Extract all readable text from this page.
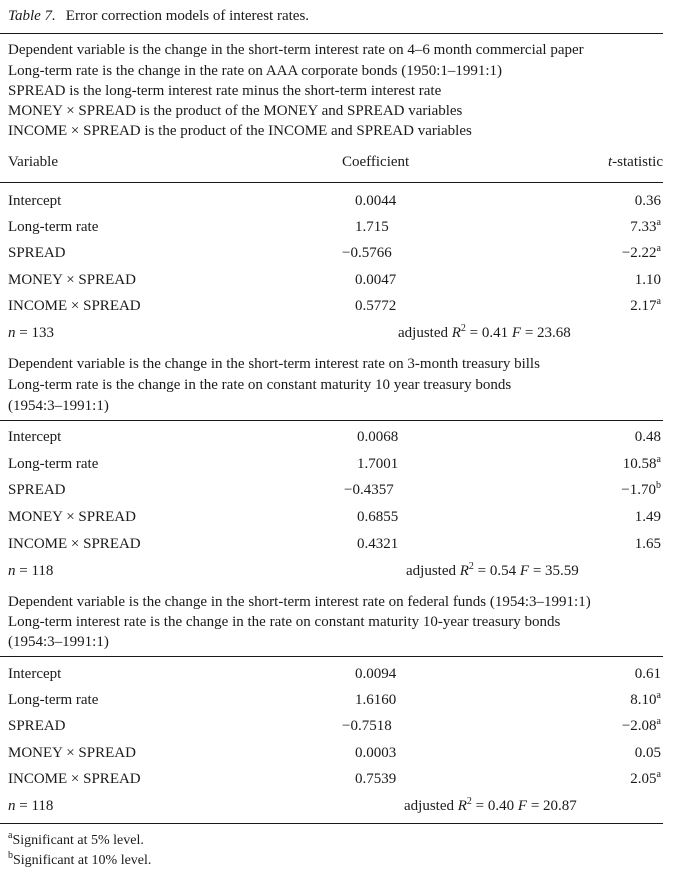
Table 7. Error correction models of interest rates.
Dependent variable is the change in the short-term interest rate on 4–6 month commercial paper
Long-term rate is the change in the rate on AAA corporate bonds (1950:1–1991:1)
SPREAD is the long-term interest rate minus the short-term interest rate
MONEY × SPREAD is the product of the MONEY and SPREAD variables
INCOME × SPREAD is the product of the INCOME and SPREAD variables
Variable	Coefficient	t-statistic
Intercept	0.0044	0.36
Long-term rate	1.715	7.33$^a$
SPREAD	−0.5766	−2.22$^a$
MONEY × SPREAD	0.0047	1.10
INCOME × SPREAD	0.5772	2.17$^a$
n = 133	adjusted $R^2 = 0.41$ F = 23.68
Dependent variable is the change in the short-term interest rate on 3-month treasury bills
Long-term rate is the change in the rate on constant maturity 10 year treasury bonds
(1954:3–1991:1)
Intercept	0.0068	0.48
Long-term rate	1.7001	10.58$^a$
SPREAD	−0.4357	−1.70$^b$
MONEY × SPREAD	0.6855	1.49
INCOME × SPREAD	0.4321	1.65
n = 118	adjusted $R^2 = 0.54$ F = 35.59
Dependent variable is the change in the short-term interest rate on federal funds (1954:3–1991:1)
Long-term interest rate is the change in the rate on constant maturity 10-year treasury bonds
(1954:3–1991:1)
Intercept	0.0094	0.61
Long-term rate	1.6160	8.10$^a$
SPREAD	−0.7518	−2.08$^a$
MONEY × SPREAD	0.0003	0.05
INCOME × SPREAD	0.7539	2.05$^a$
n = 118	adjusted $R^2 = 0.40$ F = 20.87
$^a$Significant at 5% level.
$^b$Significant at 10% level.
